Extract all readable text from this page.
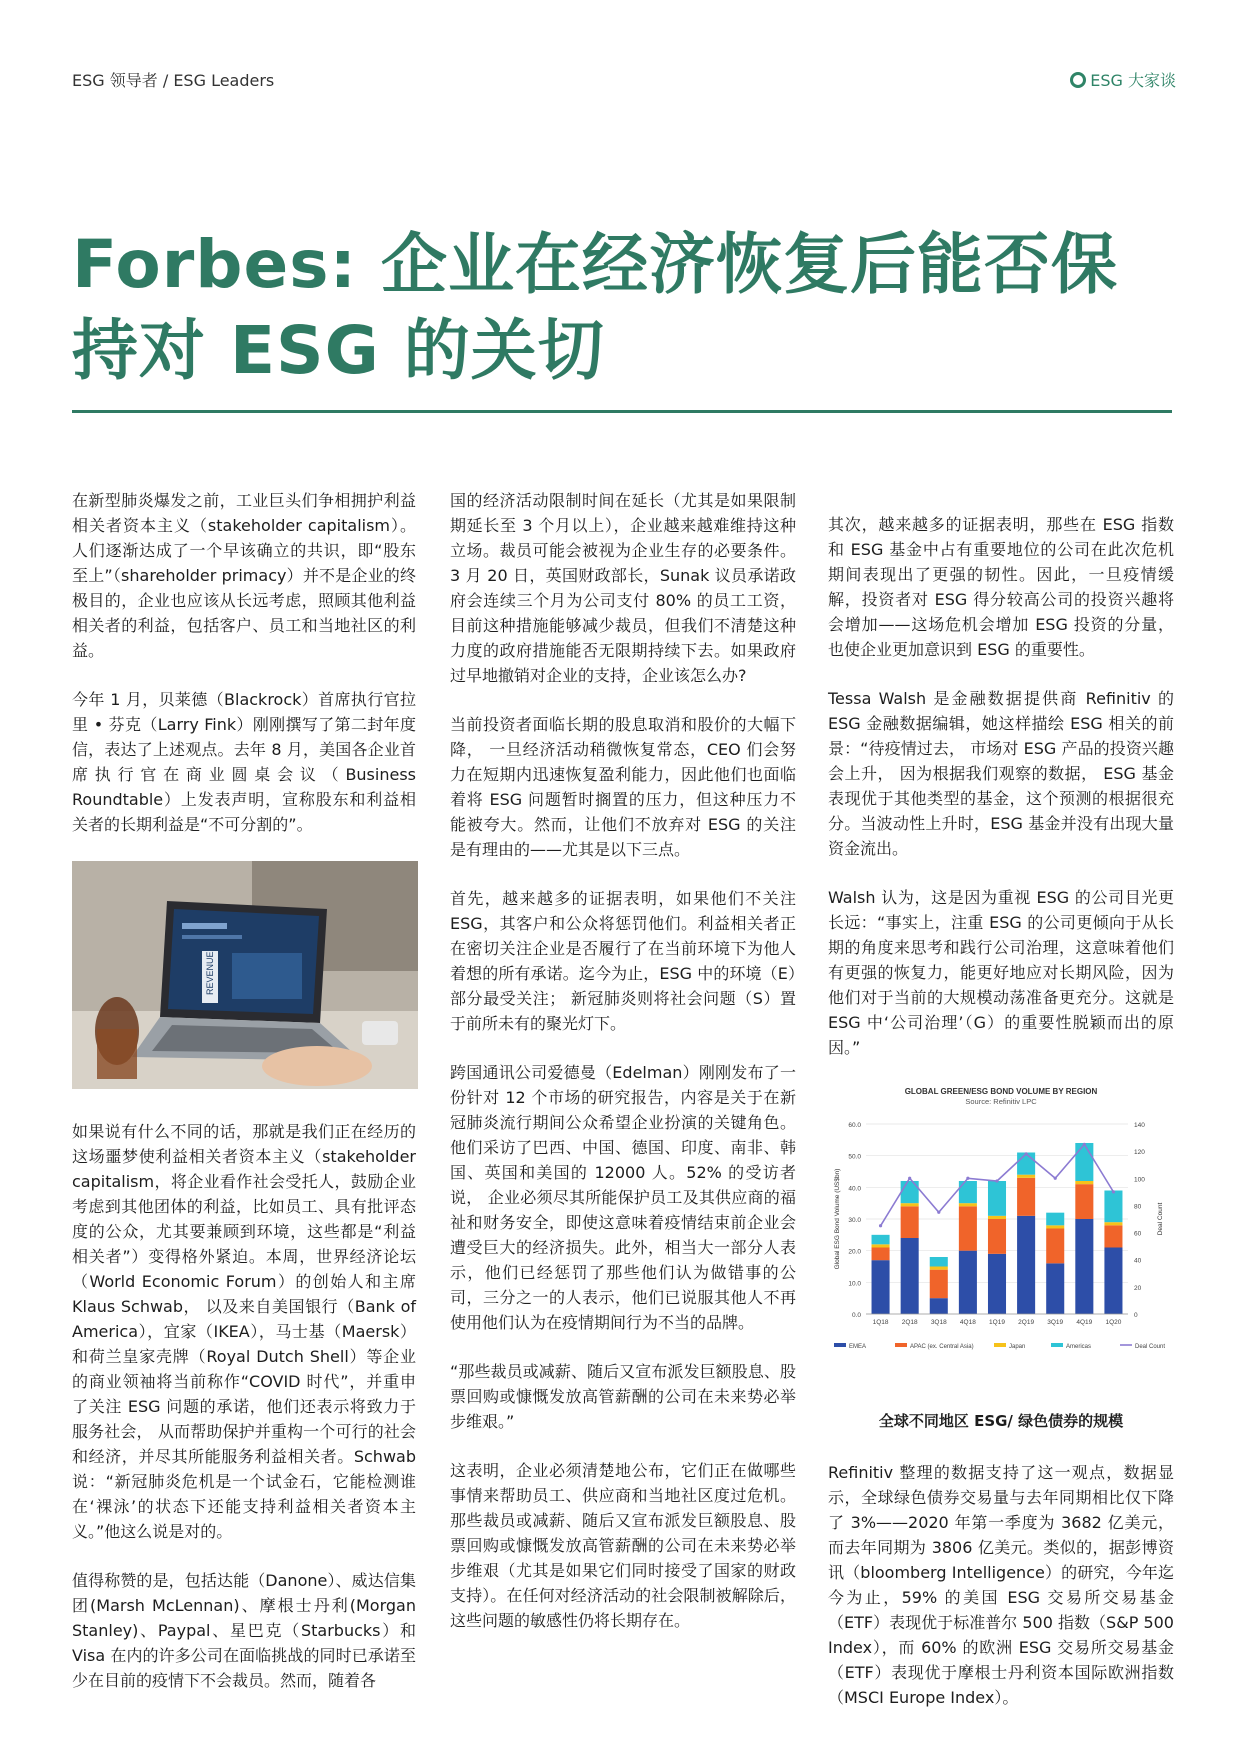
ESG 领导者 / ESG Leaders	ESG 大家谈
Forbes: 企业在经济恢复后能否保持对 ESG 的关切

在新型肺炎爆发之前，工业巨头们争相拥护利益相关者资本主义（stakeholder capitalism）。人们逐渐达成了一个早该确立的共识，即“股东至上”（shareholder primacy）并不是企业的终极目的，企业也应该从长远考虑，照顾其他利益相关者的利益，包括客户、员工和当地社区的利益。

今年 1 月，贝莱德（Blackrock）首席执行官拉里 • 芬克（Larry Fink）刚刚撰写了第二封年度信，表达了上述观点。去年 8 月，美国各企业首席执行官在商业圆桌会议（Business Roundtable）上发表声明，宣称股东和利益相关者的长期利益是“不可分割的”。

REVENUE

如果说有什么不同的话，那就是我们正在经历的这场噩梦使利益相关者资本主义（stakeholder capitalism，将企业看作社会受托人，鼓励企业考虑到其他团体的利益，比如员工、具有批评态度的公众，尤其要兼顾到环境，这些都是“利益相关者”）变得格外紧迫。本周，世界经济论坛（World Economic Forum）的创始人和主席 Klaus Schwab， 以及来自美国银行（Bank of America），宜家（IKEA），马士基（Maersk）和荷兰皇家壳牌（Royal Dutch Shell）等企业的商业领袖将当前称作“COVID 时代”，并重申了关注 ESG 问题的承诺，他们还表示将致力于服务社会， 从而帮助保护并重构一个可行的社会和经济，并尽其所能服务利益相关者。Schwab 说：“新冠肺炎危机是一个试金石，它能检测谁在‘裸泳’的状态下还能支持利益相关者资本主义。”他这么说是对的。

值得称赞的是，包括达能（Danone）、威达信集团(Marsh McLennan)、摩根士丹利(Morgan Stanley)、Paypal、星巴克（Starbucks）和 Visa 在内的许多公司在面临挑战的同时已承诺至少在目前的疫情下不会裁员。然而，随着各

国的经济活动限制时间在延长（尤其是如果限制期延长至 3 个月以上），企业越来越难维持这种立场。裁员可能会被视为企业生存的必要条件。3 月 20 日，英国财政部长，Sunak 议员承诺政府会连续三个月为公司支付 80% 的员工工资， 目前这种措施能够减少裁员，但我们不清楚这种力度的政府措施能否无限期持续下去。如果政府过早地撤销对企业的支持，企业该怎么办?

当前投资者面临长期的股息取消和股价的大幅下降， 一旦经济活动稍微恢复常态，CEO 们会努力在短期内迅速恢复盈利能力，因此他们也面临着将 ESG 问题暂时搁置的压力，但这种压力不能被夸大。然而，让他们不放弃对 ESG 的关注是有理由的——尤其是以下三点。

首先，越来越多的证据表明，如果他们不关注 ESG，其客户和公众将惩罚他们。利益相关者正在密切关注企业是否履行了在当前环境下为他人着想的所有承诺。迄今为止，ESG 中的环境（E）部分最受关注； 新冠肺炎则将社会问题（S）置于前所未有的聚光灯下。

跨国通讯公司爱德曼（Edelman）刚刚发布了一份针对 12 个市场的研究报告，内容是关于在新冠肺炎流行期间公众希望企业扮演的关键角色。他们采访了巴西、中国、德国、印度、南非、韩国、英国和美国的 12000 人。52% 的受访者说， 企业必须尽其所能保护员工及其供应商的福祉和财务安全，即使这意味着疫情结束前企业会遭受巨大的经济损失。此外，相当大一部分人表示，他们已经惩罚了那些他们认为做错事的公司，三分之一的人表示，他们已说服其他人不再使用他们认为在疫情期间行为不当的品牌。

“那些裁员或减薪、随后又宣布派发巨额股息、股票回购或慷慨发放高管薪酬的公司在未来势必举步维艰。”

这表明，企业必须清楚地公布，它们正在做哪些事情来帮助员工、供应商和当地社区度过危机。那些裁员或减薪、随后又宣布派发巨额股息、股票回购或慷慨发放高管薪酬的公司在未来势必举步维艰（尤其是如果它们同时接受了国家的财政支持）。在任何对经济活动的社会限制被解除后，这些问题的敏感性仍将长期存在。

其次，越来越多的证据表明，那些在 ESG 指数和 ESG 基金中占有重要地位的公司在此次危机期间表现出了更强的韧性。因此，一旦疫情缓解，投资者对 ESG 得分较高公司的投资兴趣将会增加——这场危机会增加 ESG 投资的分量，也使企业更加意识到 ESG 的重要性。

Tessa Walsh 是金融数据提供商 Refinitiv 的 ESG 金融数据编辑，她这样描绘 ESG 相关的前景：“待疫情过去， 市场对 ESG 产品的投资兴趣会上升， 因为根据我们观察的数据， ESG 基金表现优于其他类型的基金，这个预测的根据很充分。当波动性上升时，ESG 基金并没有出现大量资金流出。

Walsh 认为，这是因为重视 ESG 的公司目光更长远：“事实上，注重 ESG 的公司更倾向于从长期的角度来思考和践行公司治理，这意味着他们有更强的恢复力，能更好地应对长期风险，因为他们对于当前的大规模动荡准备更充分。这就是 ESG 中‘公司治理’（G）的重要性脱颖而出的原因。”

GLOBAL GREEN/ESG BOND VOLUME BY REGION
Source: Refinitiv LPC
0.0
10.0
20.0
30.0
40.0
50.0
60.0
0
20
40
60
80
100
120
140
Global ESG Bond Volume (US$bn)	Deal Count
1Q18 2Q18 3Q18 4Q18 1Q19 2Q19 3Q19 4Q19 1Q20
EMEA	APAC (ex. Central Asia)	Japan	Americas	Deal Count
全球不同地区 ESG/ 绿色债券的规模

Refinitiv 整理的数据支持了这一观点，数据显示，全球绿色债券交易量与去年同期相比仅下降了 3%——2020 年第一季度为 3682 亿美元，而去年同期为 3806 亿美元。类似的，据彭博资讯（bloomberg Intelligence）的研究，今年迄今为止，59% 的美国 ESG 交易所交易基金（ETF）表现优于标准普尔 500 指数（S&P 500 Index），而 60% 的欧洲 ESG 交易所交易基金（ETF）表现优于摩根士丹利资本国际欧洲指数（MSCI Europe Index）。
